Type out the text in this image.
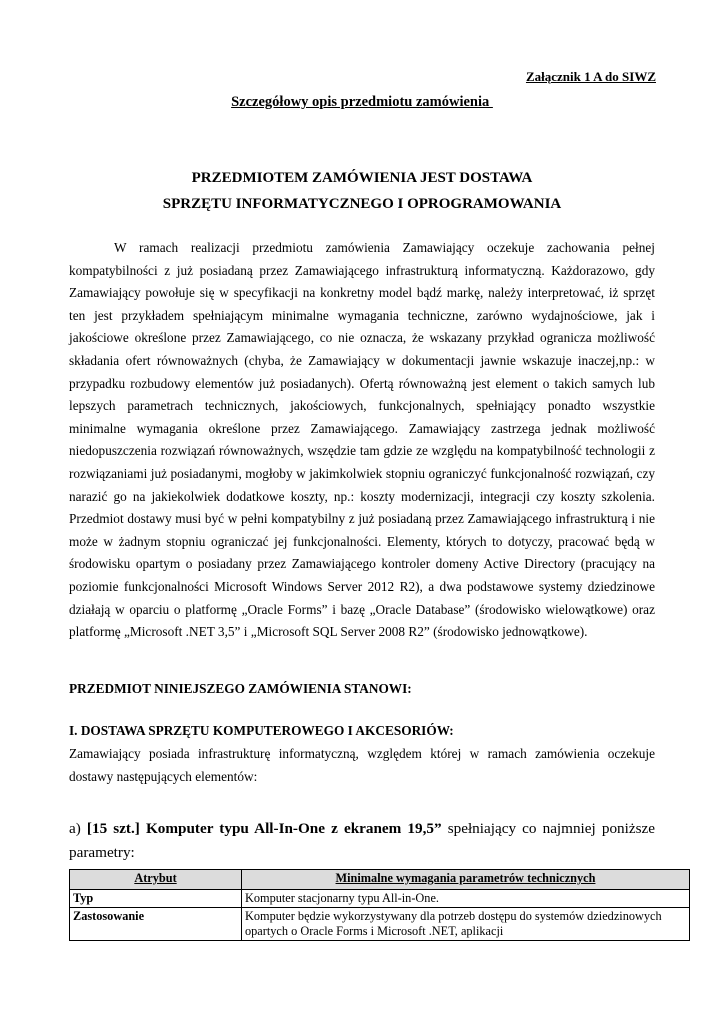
Załącznik 1 A do SIWZ
Szczegółowy opis przedmiotu zamówienia
PRZEDMIOTEM ZAMÓWIENIA JEST DOSTAWA
SPRZĘTU INFORMATYCZNEGO I OPROGRAMOWANIA

W ramach realizacji przedmiotu zamówienia Zamawiający oczekuje zachowania pełnej kompatybilności z już posiadaną przez Zamawiającego infrastrukturą informatyczną. Każdorazowo, gdy Zamawiający powołuje się w specyfikacji na konkretny model bądź markę, należy interpretować, iż sprzęt ten jest przykładem spełniającym minimalne wymagania techniczne, zarówno wydajnościowe, jak i jakościowe określone przez Zamawiającego, co nie oznacza, że wskazany przykład ogranicza możliwość składania ofert równoważnych (chyba, że Zamawiający w dokumentacji jawnie wskazuje inaczej,np.: w przypadku rozbudowy elementów już posiadanych). Ofertą równoważną jest element o takich samych lub lepszych parametrach technicznych, jakościowych, funkcjonalnych, spełniający ponadto wszystkie minimalne wymagania określone przez Zamawiającego. Zamawiający zastrzega jednak możliwość niedopuszczenia rozwiązań równoważnych, wszędzie tam gdzie ze względu na kompatybilność technologii z rozwiązaniami już posiadanymi, mogłoby w jakimkolwiek stopniu ograniczyć funkcjonalność rozwiązań, czy narazić go na jakiekolwiek dodatkowe koszty, np.: koszty modernizacji, integracji czy koszty szkolenia. Przedmiot dostawy musi być w pełni kompatybilny z już posiadaną przez Zamawiającego infrastrukturą i nie może w żadnym stopniu ograniczać jej funkcjonalności. Elementy, których to dotyczy, pracować będą w środowisku opartym o posiadany przez Zamawiającego kontroler domeny Active Directory (pracujący na poziomie funkcjonalności Microsoft Windows Server 2012 R2), a dwa podstawowe systemy dziedzinowe działają w oparciu o platformę „Oracle Forms” i bazę „Oracle Database” (środowisko wielowątkowe) oraz platformę „Microsoft .NET 3,5” i „Microsoft SQL Server 2008 R2” (środowisko jednowątkowe).

PRZEDMIOT NINIEJSZEGO ZAMÓWIENIA STANOWI:

I. DOSTAWA SPRZĘTU KOMPUTEROWEGO I AKCESORIÓW:

Zamawiający posiada infrastrukturę informatyczną, względem której w ramach zamówienia oczekuje dostawy następujących elementów:

a) [15 szt.] Komputer typu All-In-One z ekranem 19,5” spełniający co najmniej poniższe parametry:

Atrybut	Minimalne wymagania parametrów technicznych
Typ	Komputer stacjonarny typu All-in-One.
Zastosowanie	Komputer będzie wykorzystywany dla potrzeb dostępu do systemów dziedzinowych opartych o Oracle Forms i Microsoft .NET, aplikacji
